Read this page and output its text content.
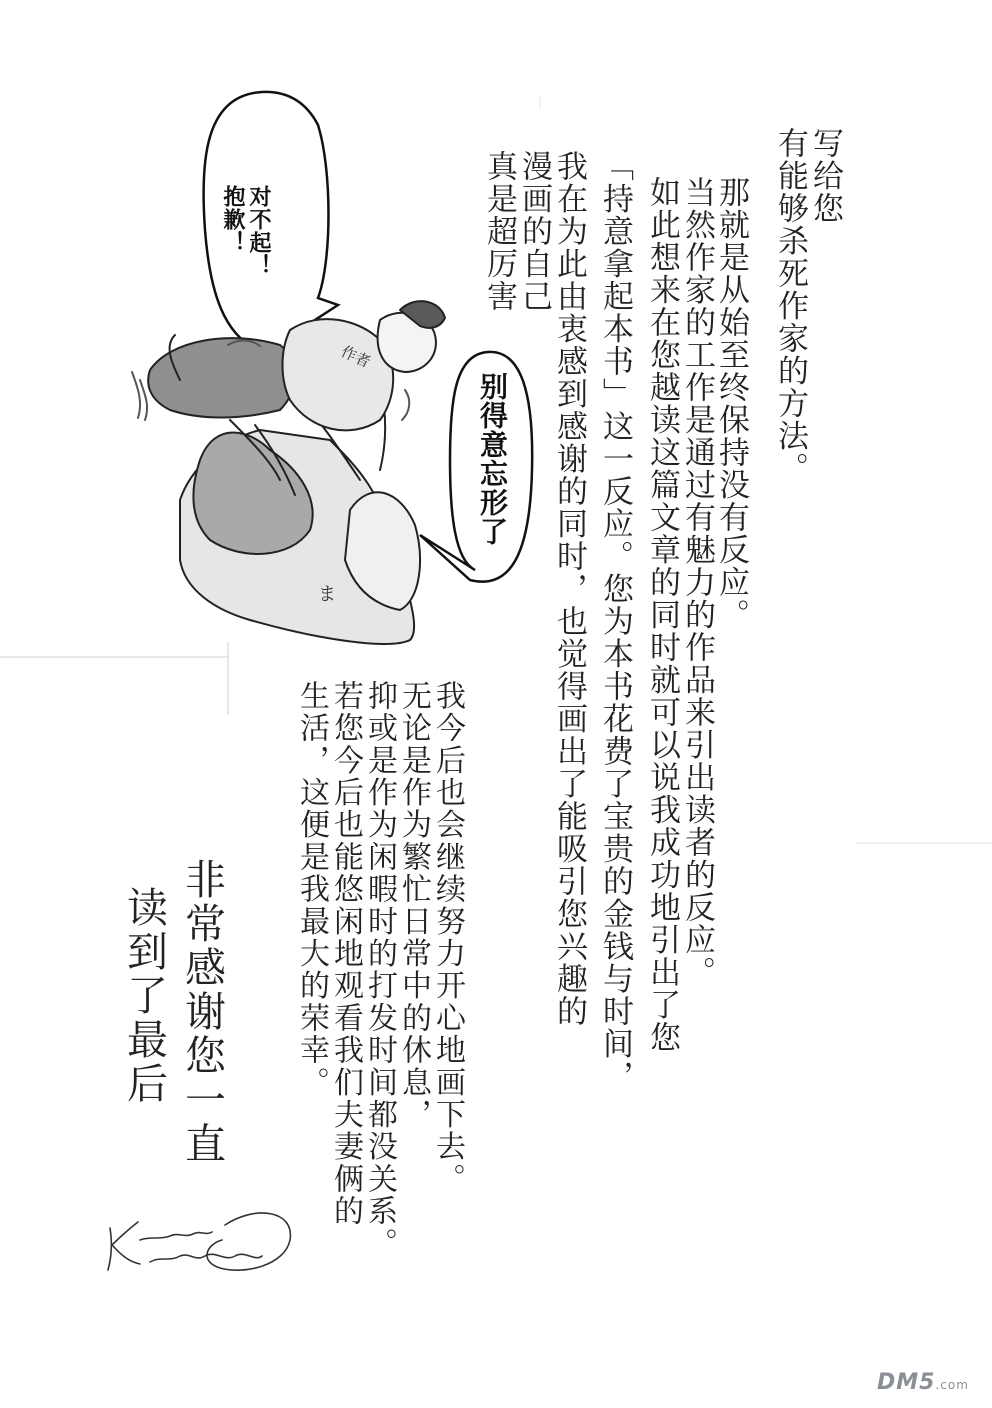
写给您

有能够杀死作家的方法。

那就是从始至终保持没有反应。

当然作家的工作是通过有魅力的作品来引出读者的反应。

如此想来在您越读这篇文章的同时就可以说我成功地引出了您

「持意拿起本书」这一反应。您为本书花费了宝贵的金钱与时间，

我在为此由衷感到感谢的同时，也觉得画出了能吸引您兴趣的

漫画的自己

真是超厉害

我今后也会继续努力开心地画下去。

无论是作为繁忙日常中的休息，

抑或是作为闲暇时的打发时间都没关系。

若您今后也能悠闲地观看我们夫妻俩的

生活，这便是我最大的荣幸。

非常感谢您一直

读到了最后

ま
作者

对不起！

抱歉！

别得意忘形了

DM5.com
